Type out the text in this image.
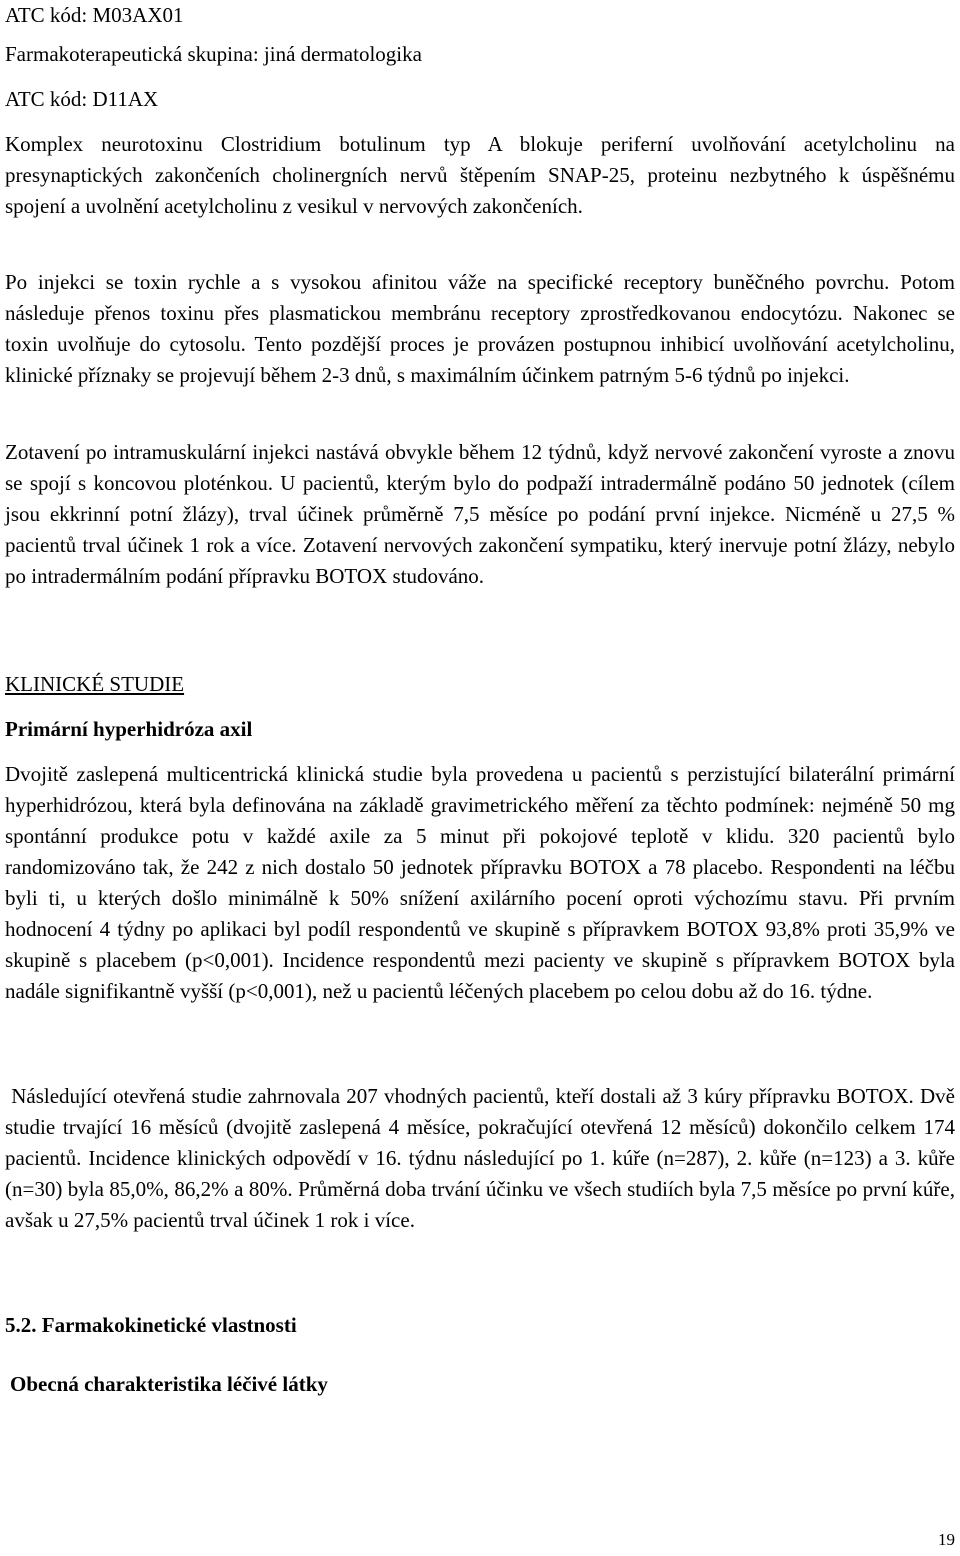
ATC kód: M03AX01

Farmakoterapeutická skupina: jiná dermatologika

ATC kód: D11AX

Komplex neurotoxinu Clostridium botulinum typ A blokuje periferní uvolňování acetylcholinu na presynaptických zakončeních cholinergních nervů štěpením SNAP-25, proteinu nezbytného k úspěšnému spojení a uvolnění acetylcholinu z vesikul v nervových zakončeních.

Po injekci se toxin rychle a s vysokou afinitou váže na specifické receptory buněčného povrchu. Potom následuje přenos toxinu přes plasmatickou membránu receptory zprostředkovanou endocytózu. Nakonec se toxin uvolňuje do cytosolu. Tento pozdější proces je provázen postupnou inhibicí uvolňování acetylcholinu, klinické příznaky se projevují během 2-3 dnů, s maximálním účinkem patrným 5-6 týdnů po injekci.

Zotavení po intramuskulární injekci nastává obvykle během 12 týdnů, když nervové zakončení vyroste a znovu se spojí s koncovou ploténkou. U pacientů, kterým bylo do podpaží intradermálně podáno 50 jednotek (cílem jsou ekkrinní potní žlázy), trval účinek průměrně 7,5 měsíce po podání první injekce. Nicméně u 27,5 % pacientů trval účinek 1 rok a více. Zotavení nervových zakončení sympatiku, který inervuje potní žlázy, nebylo po intradermálním podání přípravku BOTOX studováno.

KLINICKÉ STUDIE

Primární hyperhidróza axil

Dvojitě zaslepená multicentrická klinická studie byla provedena u pacientů s perzistující bilaterální primární hyperhidrózou, která byla definována na základě gravimetrického měření za těchto podmínek: nejméně 50 mg spontánní produkce potu v každé axile za 5 minut při pokojové teplotě v klidu. 320 pacientů bylo randomizováno tak, že 242 z nich dostalo 50 jednotek přípravku BOTOX a 78 placebo. Respondenti na léčbu byli ti, u kterých došlo minimálně k 50% snížení axilárního pocení oproti výchozímu stavu. Při prvním hodnocení 4 týdny po aplikaci byl podíl respondentů ve skupině s přípravkem BOTOX 93,8% proti 35,9% ve skupině s placebem (p<0,001). Incidence respondentů mezi pacienty ve skupině s přípravkem BOTOX byla nadále signifikantně vyšší (p<0,001), než u pacientů léčených placebem po celou dobu až do 16. týdne.

Následující otevřená studie zahrnovala 207 vhodných pacientů, kteří dostali až 3 kúry přípravku BOTOX. Dvě studie trvající 16 měsíců (dvojitě zaslepená 4 měsíce, pokračující otevřená 12 měsíců) dokončilo celkem 174 pacientů. Incidence klinických odpovědí v 16. týdnu následující po 1. kúře (n=287), 2. kůře (n=123) a 3. kůře (n=30) byla 85,0%, 86,2% a 80%. Průměrná doba trvání účinku ve všech studiích byla 7,5 měsíce po první kúře, avšak u 27,5% pacientů trval účinek 1 rok i více.

5.2. Farmakokinetické vlastnosti

Obecná charakteristika léčivé látky

19
